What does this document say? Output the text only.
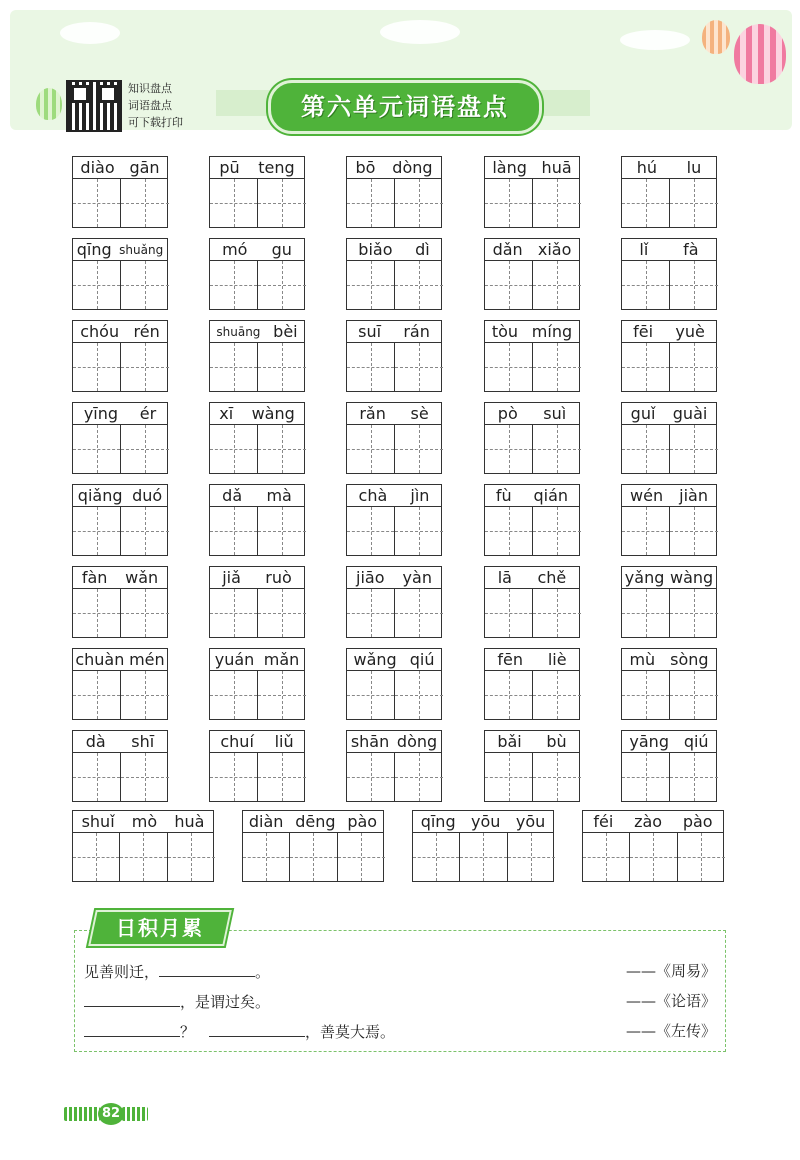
知识盘点
词语盘点
可下载打印
第六单元词语盘点
diào gān	pū teng	bō dòng	làng huā	hú lu
qīng shuǎng	mó gu	biǎo dì	dǎn xiǎo	lǐ fà
chóu rén	shuāng bèi	suī rán	tòu míng	fēi yuè
yīng ér	xī wàng	rǎn sè	pò suì	guǐ guài
qiǎng duó	dǎ mà	chà jìn	fù qián	wén jiàn
fàn wǎn	jiǎ ruò	jiāo yàn	lā chě	yǎng wàng
chuàn mén	yuán mǎn	wǎng qiú	fēn liè	mù sòng
dà shī	chuí liǔ	shān dòng	bǎi bù	yāng qiú
shuǐ mò huà	diàn dēng pào	qīng yōu yōu	féi zào pào
日积月累
见善则迁，	。	——《周易》
，是谓过矣。	——《论语》
？	，善莫大焉。	——《左传》
82
